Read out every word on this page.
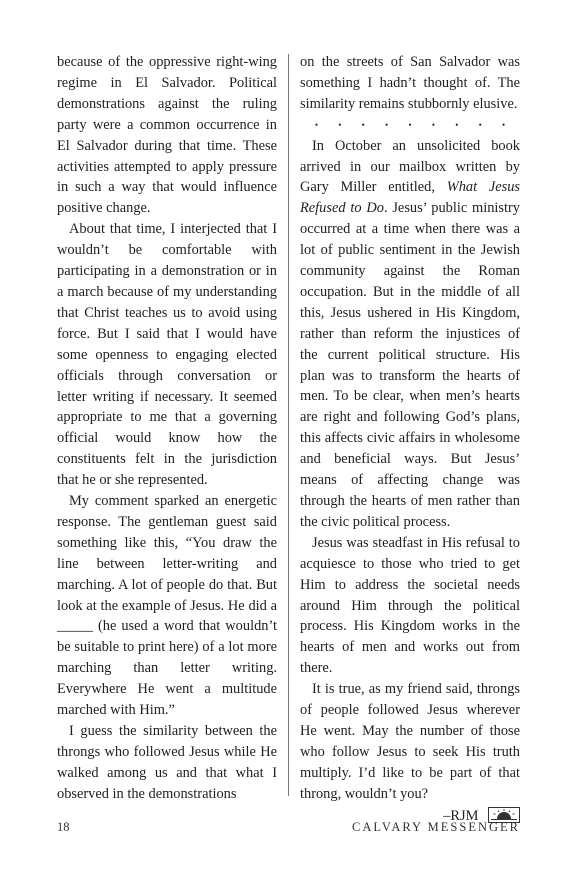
because of the oppressive right-wing regime in El Salvador. Political demonstrations against the ruling party were a common occurrence in El Salvador during that time. These activities attempted to apply pressure in such a way that would influence positive change.

About that time, I interjected that I wouldn’t be comfortable with participating in a demonstration or in a march because of my understanding that Christ teaches us to avoid using force. But I said that I would have some openness to engaging elected officials through conversation or letter writing if necessary. It seemed appropriate to me that a governing official would know how the constituents felt in the jurisdiction that he or she represented.

My comment sparked an energetic response. The gentleman guest said something like this, “You draw the line between letter-writing and marching. A lot of people do that. But look at the example of Jesus. He did a _____ (he used a word that wouldn’t be suitable to print here) of a lot more marching than letter writing. Everywhere He went a multitude marched with Him.”

I guess the similarity between the throngs who followed Jesus while He walked among us and that what I observed in the demonstrations

on the streets of San Salvador was something I hadn’t thought of. The similarity remains stubbornly elusive.

• • • • • • • • •

In October an unsolicited book arrived in our mailbox written by Gary Miller entitled, What Jesus Refused to Do. Jesus’ public ministry occurred at a time when there was a lot of public sentiment in the Jewish community against the Roman occupation. But in the middle of all this, Jesus ushered in His Kingdom, rather than reform the injustices of the current political structure. His plan was to transform the hearts of men. To be clear, when men’s hearts are right and following God’s plans, this affects civic affairs in wholesome and beneficial ways. But Jesus’ means of affecting change was through the hearts of men rather than the civic political process.

Jesus was steadfast in His refusal to acquiesce to those who tried to get Him to address the societal needs around Him through the political process. His Kingdom works in the hearts of men and works out from there.

It is true, as my friend said, throngs of people followed Jesus wherever He went. May the number of those who follow Jesus to seek His truth multiply. I’d like to be part of that throng, wouldn’t you?

–RJM
18	CALVARY MESSENGER
